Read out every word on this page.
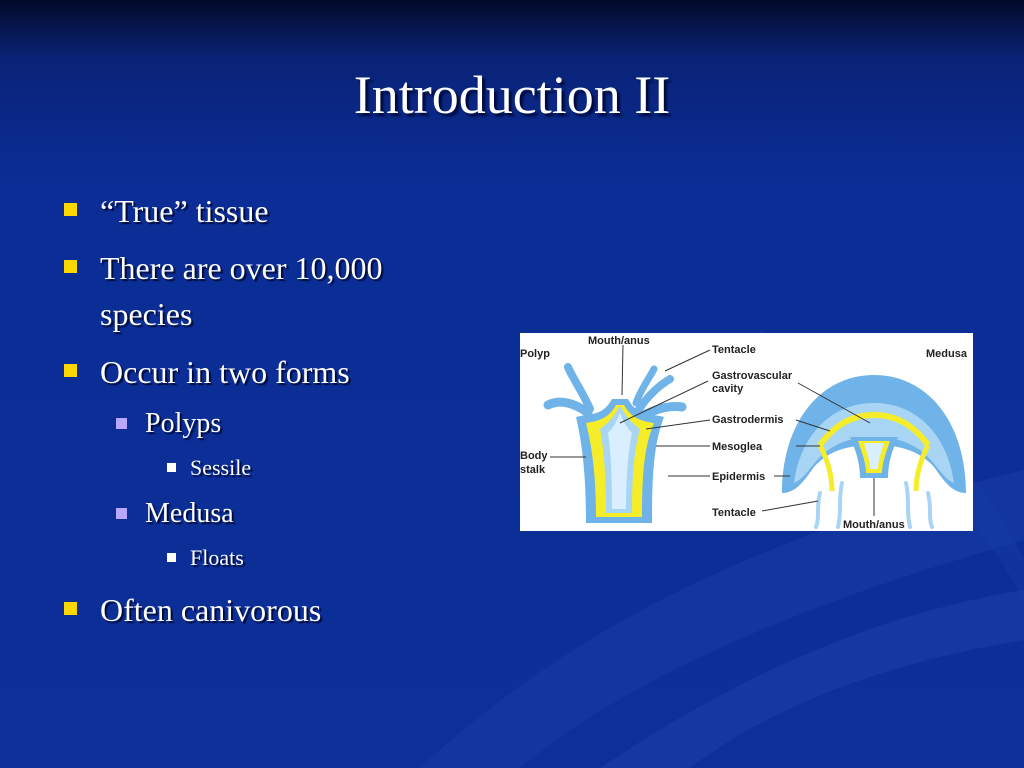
Introduction II
“True” tissue
There are over 10,000 species
Occur in two forms
Polyps
Sessile
Medusa
Floats
Often canivorous
Polyp	Medusa
Mouth/anus
Tentacle
Gastrovascular
cavity
Gastrodermis
Mesoglea
Epidermis
Tentacle
Mouth/anus
Body
stalk
